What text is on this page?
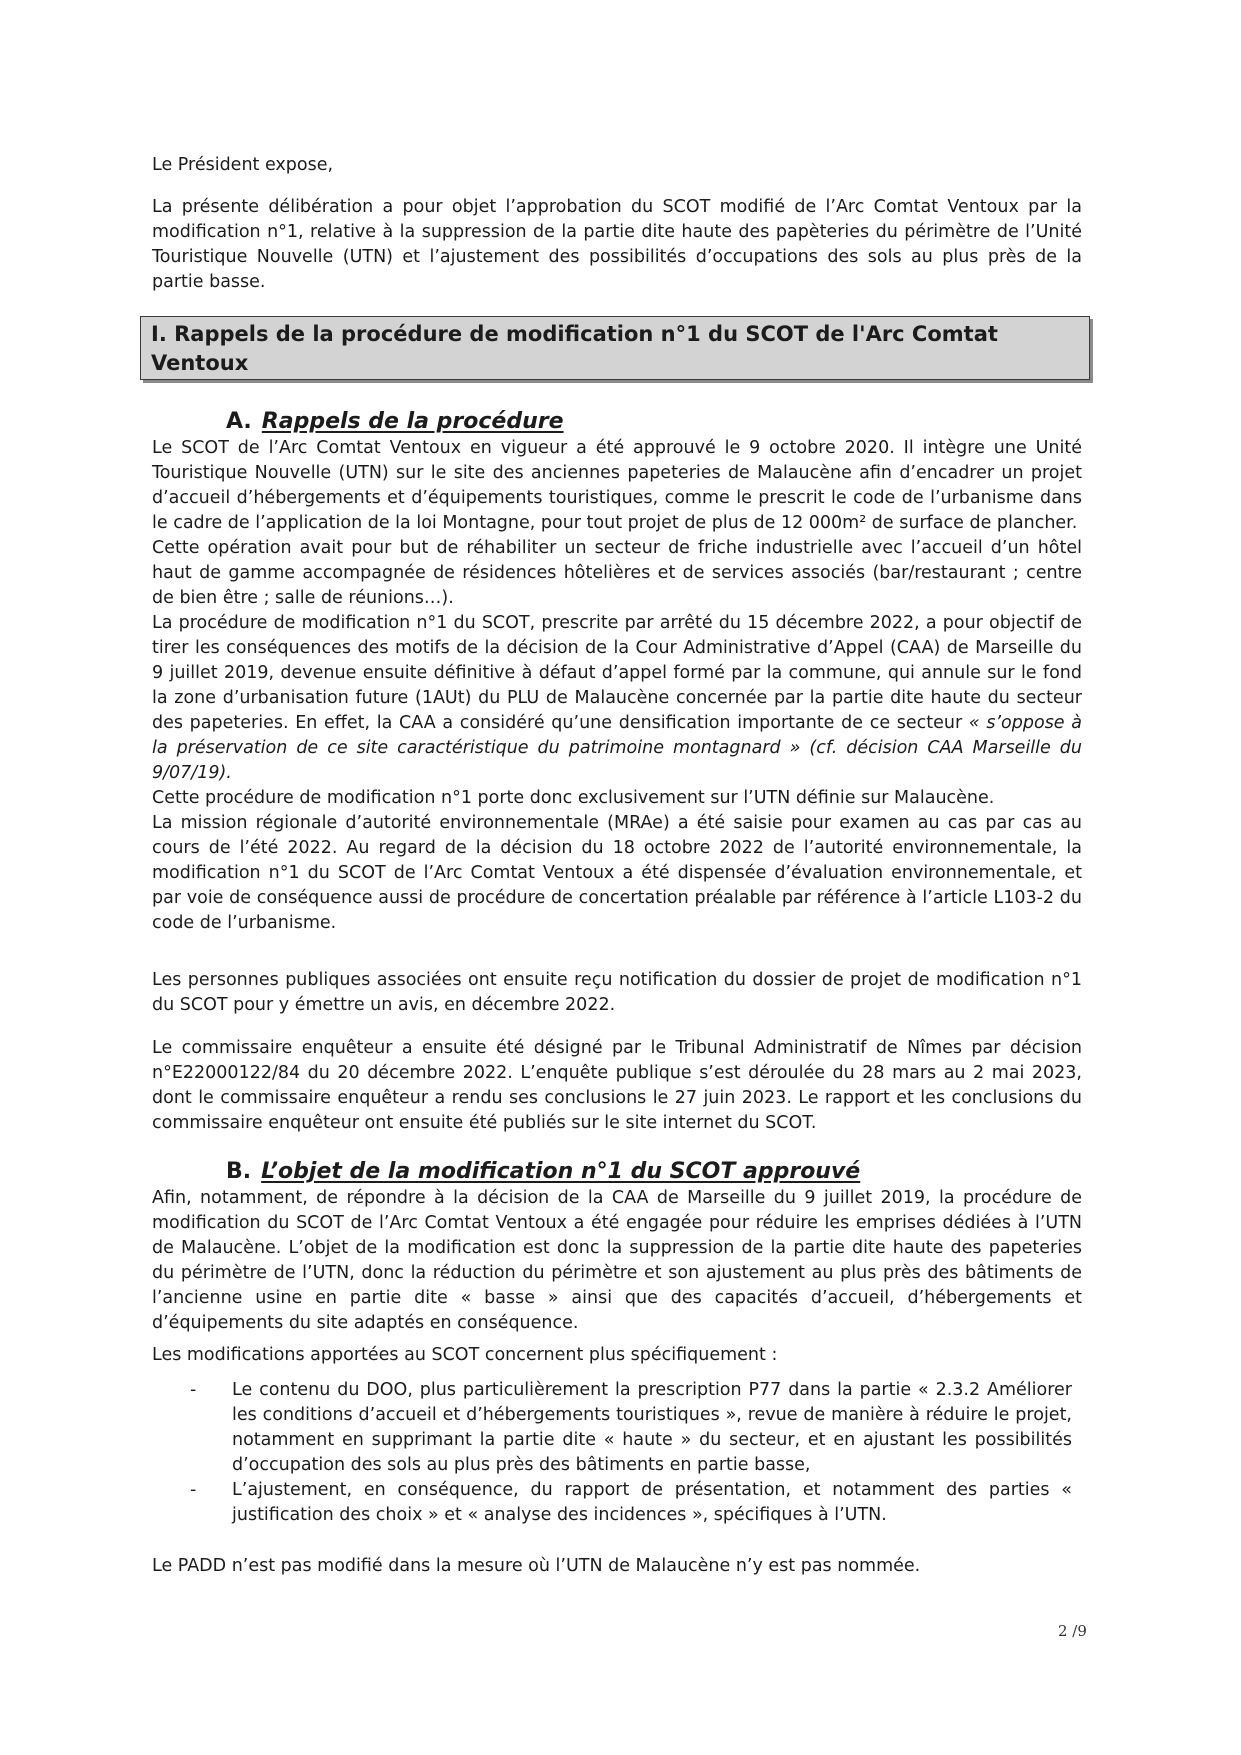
Le Président expose,

La présente délibération a pour objet l’approbation du SCOT modifié de l’Arc Comtat Ventoux par la modification n°1, relative à la suppression de la partie dite haute des papèteries du périmètre de l’Unité Touristique Nouvelle (UTN) et l’ajustement des possibilités d’occupations des sols au plus près de la partie basse.

I. Rappels de la procédure de modification n°1 du SCOT de l'Arc Comtat Ventoux
A. Rappels de la procédure

Le SCOT de l’Arc Comtat Ventoux en vigueur a été approuvé le 9 octobre 2020. Il intègre une Unité Touristique Nouvelle (UTN) sur le site des anciennes papeteries de Malaucène afin d’encadrer un projet d’accueil d’hébergements et d’équipements touristiques, comme le prescrit le code de l’urbanisme dans le cadre de l’application de la loi Montagne, pour tout projet de plus de 12 000m² de surface de plancher.

Cette opération avait pour but de réhabiliter un secteur de friche industrielle avec l’accueil d’un hôtel haut de gamme accompagnée de résidences hôtelières et de services associés (bar/restaurant ; centre de bien être ; salle de réunions…).

La procédure de modification n°1 du SCOT, prescrite par arrêté du 15 décembre 2022, a pour objectif de tirer les conséquences des motifs de la décision de la Cour Administrative d’Appel (CAA) de Marseille du 9 juillet 2019, devenue ensuite définitive à défaut d’appel formé par la commune, qui annule sur le fond la zone d’urbanisation future (1AUt) du PLU de Malaucène concernée par la partie dite haute du secteur des papeteries. En effet, la CAA a considéré qu’une densification importante de ce secteur « s’oppose à la préservation de ce site caractéristique du patrimoine montagnard » (cf. décision CAA Marseille du 9/07/19).

Cette procédure de modification n°1 porte donc exclusivement sur l’UTN définie sur Malaucène.

La mission régionale d’autorité environnementale (MRAe) a été saisie pour examen au cas par cas au cours de l’été 2022. Au regard de la décision du 18 octobre 2022 de l’autorité environnementale, la modification n°1 du SCOT de l’Arc Comtat Ventoux a été dispensée d’évaluation environnementale, et par voie de conséquence aussi de procédure de concertation préalable par référence à l’article L103-2 du code de l’urbanisme.

Les personnes publiques associées ont ensuite reçu notification du dossier de projet de modification n°1 du SCOT pour y émettre un avis, en décembre 2022.

Le commissaire enquêteur a ensuite été désigné par le Tribunal Administratif de Nîmes par décision n°E22000122/84 du 20 décembre 2022. L’enquête publique s’est déroulée du 28 mars au 2 mai 2023, dont le commissaire enquêteur a rendu ses conclusions le 27 juin 2023. Le rapport et les conclusions du commissaire enquêteur ont ensuite été publiés sur le site internet du SCOT.

B. L’objet de la modification n°1 du SCOT approuvé

Afin, notamment, de répondre à la décision de la CAA de Marseille du 9 juillet 2019, la procédure de modification du SCOT de l’Arc Comtat Ventoux a été engagée pour réduire les emprises dédiées à l’UTN de Malaucène. L’objet de la modification est donc la suppression de la partie dite haute des papeteries du périmètre de l’UTN, donc la réduction du périmètre et son ajustement au plus près des bâtiments de l’ancienne usine en partie dite « basse » ainsi que des capacités d’accueil, d’hébergements et d’équipements du site adaptés en conséquence.

Les modifications apportées au SCOT concernent plus spécifiquement :

- Le contenu du DOO, plus particulièrement la prescription P77 dans la partie « 2.3.2 Améliorer les conditions d’accueil et d’hébergements touristiques », revue de manière à réduire le projet, notamment en supprimant la partie dite « haute » du secteur, et en ajustant les possibilités d’occupation des sols au plus près des bâtiments en partie basse,
- L’ajustement, en conséquence, du rapport de présentation, et notamment des parties « justification des choix » et « analyse des incidences », spécifiques à l’UTN.

Le PADD n’est pas modifié dans la mesure où l’UTN de Malaucène n’y est pas nommée.

2 /9
